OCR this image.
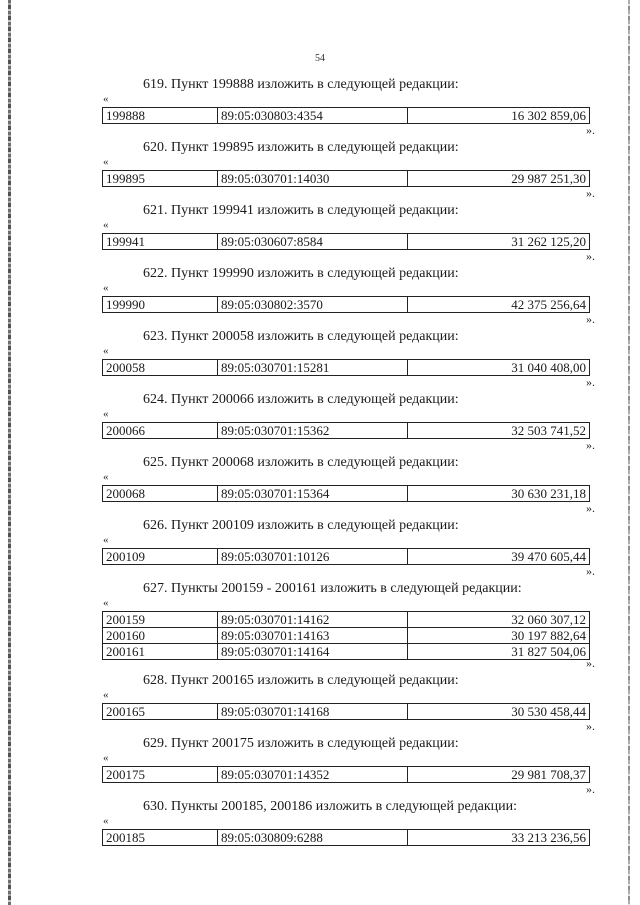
54
619. Пункт 199888 изложить в следующей редакции:
«
199888	89:05:030803:4354	16 302 859,06
».
620. Пункт 199895 изложить в следующей редакции:
«
199895	89:05:030701:14030	29 987 251,30
».
621. Пункт 199941 изложить в следующей редакции:
«
199941	89:05:030607:8584	31 262 125,20
».
622. Пункт 199990 изложить в следующей редакции:
«
199990	89:05:030802:3570	42 375 256,64
».
623. Пункт 200058 изложить в следующей редакции:
«
200058	89:05:030701:15281	31 040 408,00
».
624. Пункт 200066 изложить в следующей редакции:
«
200066	89:05:030701:15362	32 503 741,52
».
625. Пункт 200068 изложить в следующей редакции:
«
200068	89:05:030701:15364	30 630 231,18
».
626. Пункт 200109 изложить в следующей редакции:
«
200109	89:05:030701:10126	39 470 605,44
».
627. Пункты 200159 - 200161 изложить в следующей редакции:
«
200159	89:05:030701:14162	32 060 307,12
200160	89:05:030701:14163	30 197 882,64
200161	89:05:030701:14164	31 827 504,06
».
628. Пункт 200165 изложить в следующей редакции:
«
200165	89:05:030701:14168	30 530 458,44
».
629. Пункт 200175 изложить в следующей редакции:
«
200175	89:05:030701:14352	29 981 708,37
».
630. Пункты 200185, 200186 изложить в следующей редакции:
«
200185	89:05:030809:6288	33 213 236,56
